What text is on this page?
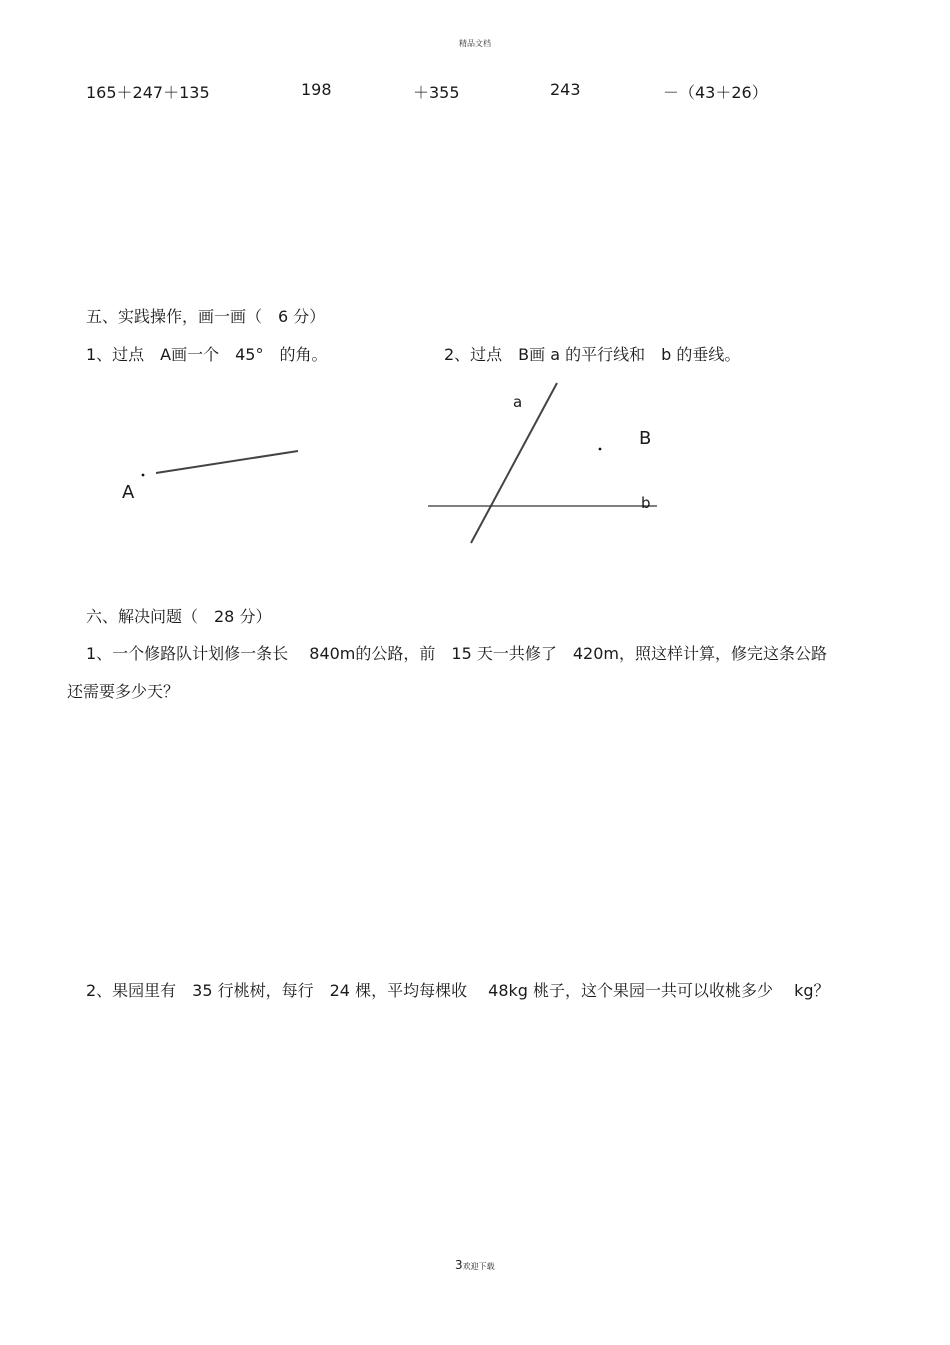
精品文档
165＋247＋135	198	＋355	243	－（43＋26）
五、实践操作，画一画（　6 分）
1、过点　A画一个　45°　的角。	2、过点　B画 a 的平行线和　b 的垂线。
A
a
B
b
六、解决问题（　28 分）
1、一个修路队计划修一条长　 840m的公路，前　15 天一共修了　420m，照这样计算，修完这条公路
还需要多少天？
2、果园里有　35 行桃树，每行　24 棵，平均每棵收　 48kg 桃子，这个果园一共可以收桃多少　 kg？
3欢迎下载
